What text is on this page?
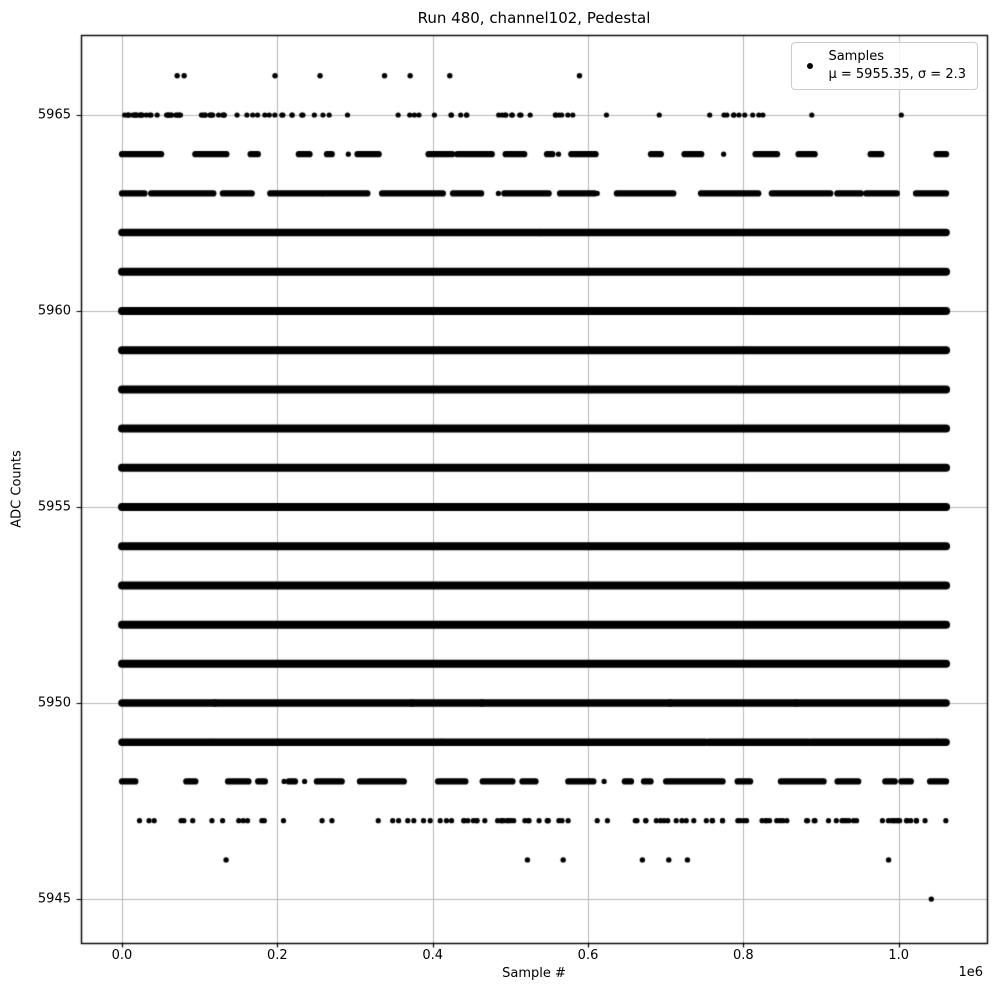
Run 480, channel102, Pedestal
Sample #
ADC Counts
1e6
0.0	0.2	0.4	0.6	0.8	1.0
5945
5950
5955
5960
5965
Samples
μ = 5955.35, σ = 2.3
